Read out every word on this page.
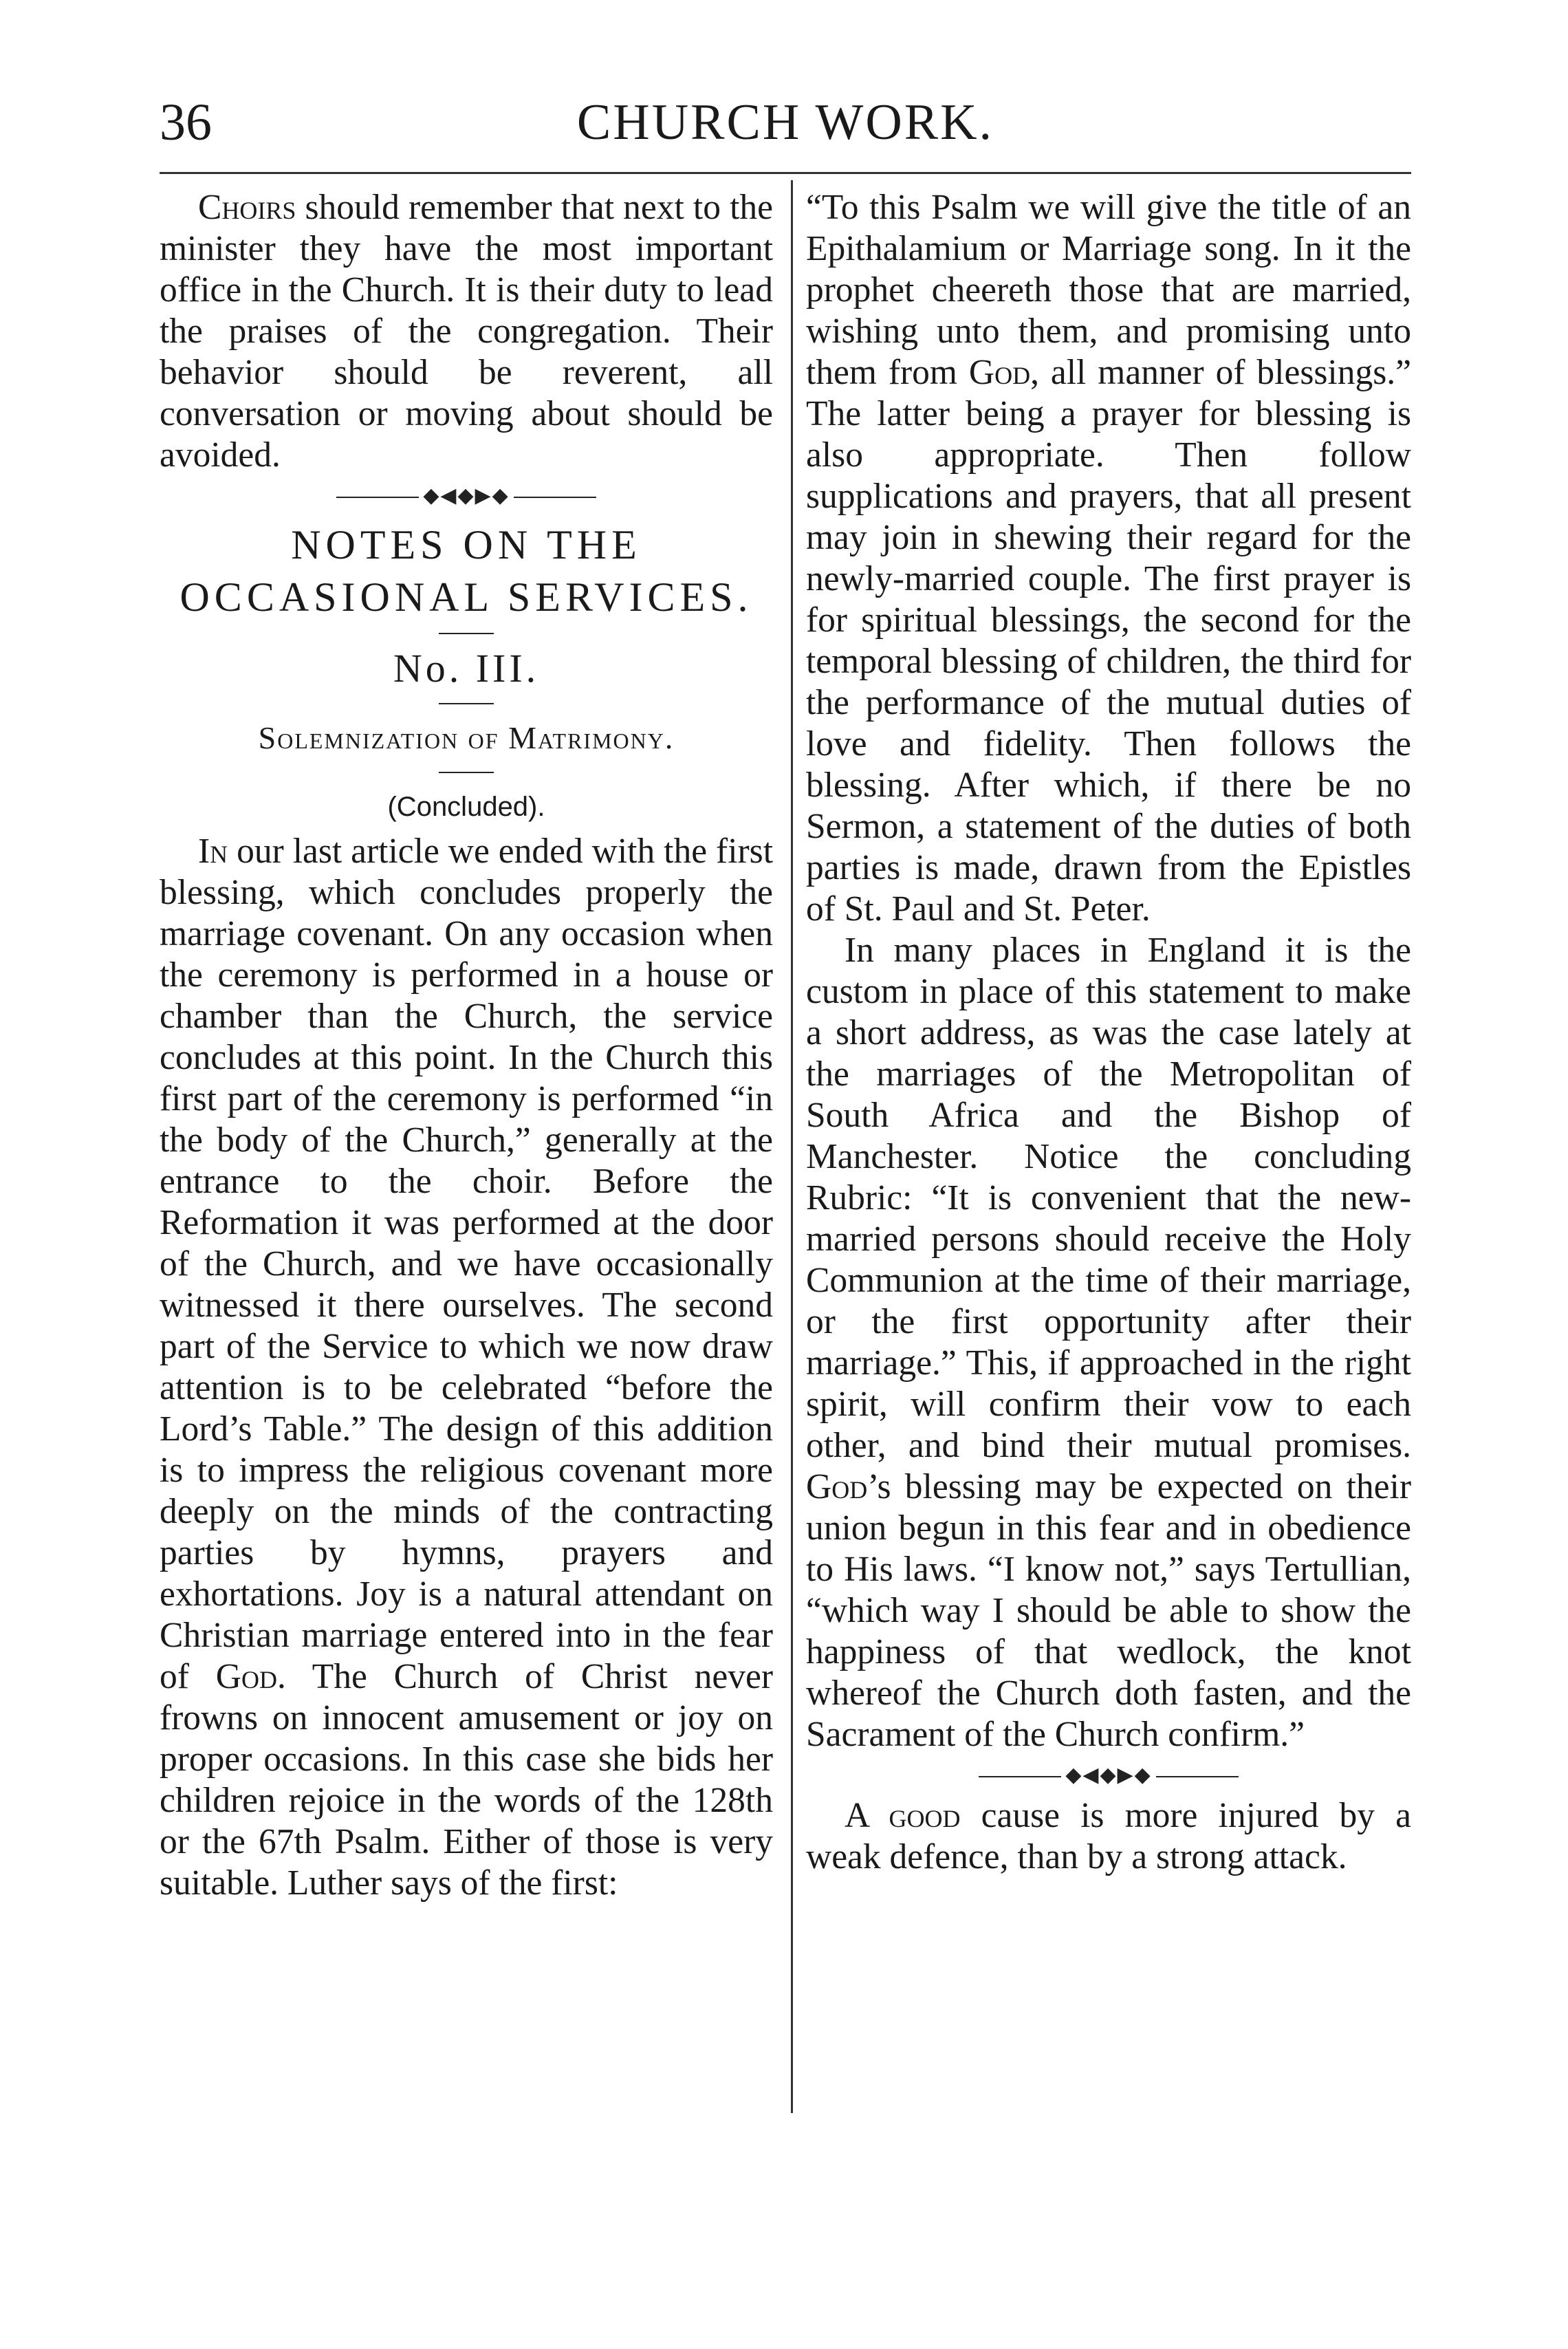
36	CHURCH WORK.

Choirs should remember that next to the minister they have the most important office in the Church. It is their duty to lead the praises of the congregation. Their behavior should be reverent, all conversation or moving about should be avoided.

◆◀◆▶◆
NOTES ON THE OCCASIONAL SERVICES.
No. III.
Solemnization of Matrimony.
(Concluded).

In our last article we ended with the first blessing, which concludes properly the marriage covenant. On any occasion when the ceremony is performed in a house or chamber than the Church, the service concludes at this point. In the Church this first part of the ceremony is performed “in the body of the Church,” generally at the entrance to the choir. Before the Reformation it was performed at the door of the Church, and we have occasionally witnessed it there ourselves. The second part of the Service to which we now draw attention is to be celebrated “before the Lord’s Table.” The design of this addition is to impress the religious covenant more deeply on the minds of the contracting parties by hymns, prayers and exhortations. Joy is a natural attendant on Christian marriage entered into in the fear of God. The Church of Christ never frowns on innocent amusement or joy on proper occasions. In this case she bids her children rejoice in the words of the 128th or the 67th Psalm. Either of those is very suitable. Luther says of the first:

“To this Psalm we will give the title of an Epithalamium or Marriage song. In it the prophet cheereth those that are married, wishing unto them, and promising unto them from God, all manner of blessings.” The latter being a prayer for blessing is also appropriate. Then follow supplications and prayers, that all present may join in shewing their regard for the newly-married couple. The first prayer is for spiritual blessings, the second for the temporal blessing of children, the third for the performance of the mutual duties of love and fidelity. Then follows the blessing. After which, if there be no Sermon, a statement of the duties of both parties is made, drawn from the Epistles of St. Paul and St. Peter.

In many places in England it is the custom in place of this statement to make a short address, as was the case lately at the marriages of the Metropolitan of South Africa and the Bishop of Manchester. Notice the concluding Rubric: “It is convenient that the new-married persons should receive the Holy Communion at the time of their marriage, or the first opportunity after their marriage.” This, if approached in the right spirit, will confirm their vow to each other, and bind their mutual promises. God’s blessing may be expected on their union begun in this fear and in obedience to His laws. “I know not,” says Tertullian, “which way I should be able to show the happiness of that wedlock, the knot whereof the Church doth fasten, and the Sacrament of the Church confirm.”

◆◀◆▶◆

A good cause is more injured by a weak defence, than by a strong attack.
